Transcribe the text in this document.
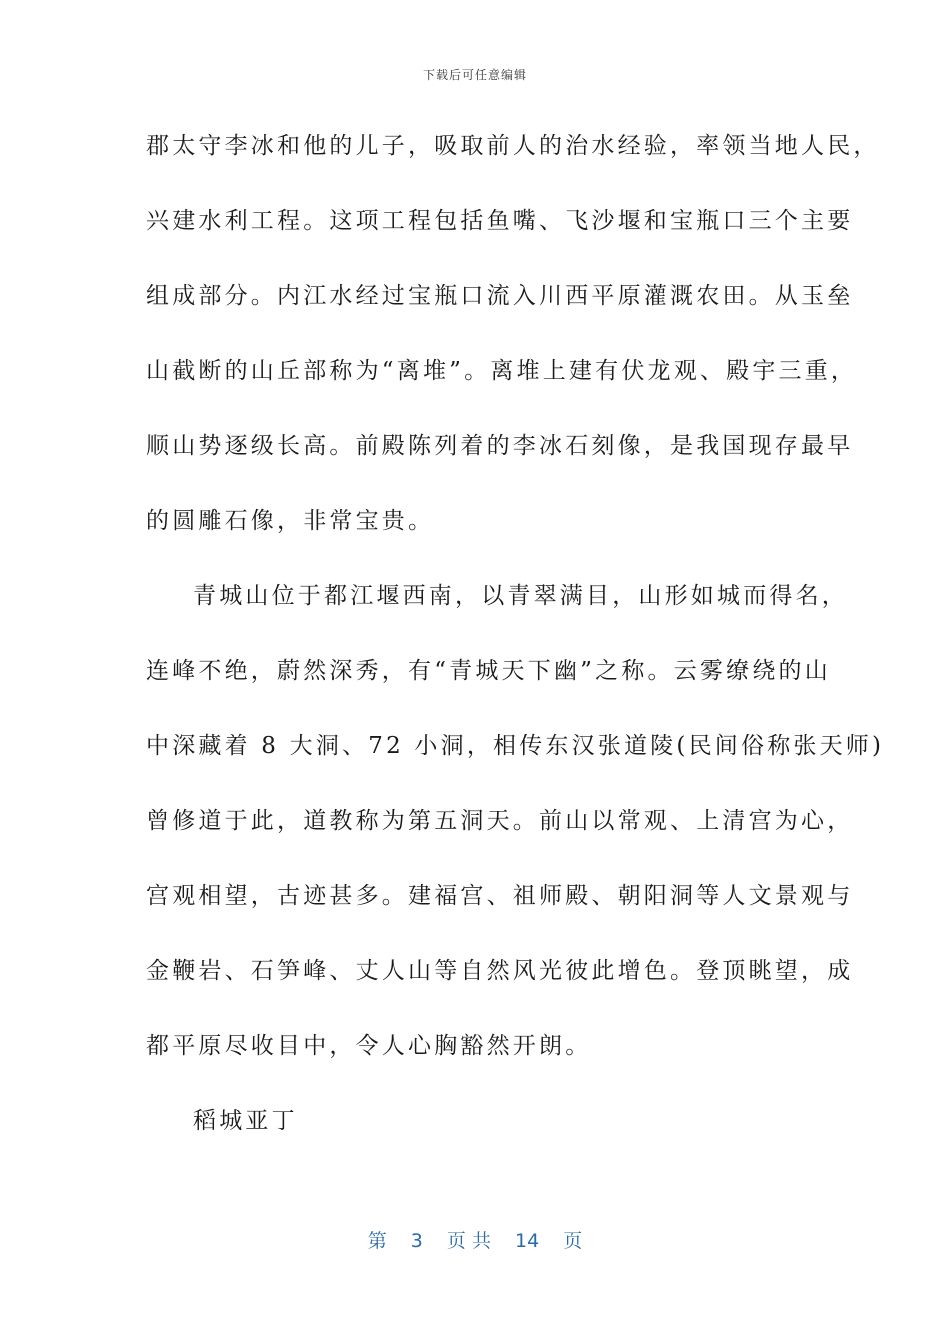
下载后可任意编辑
郡太守李冰和他的儿子，吸取前人的治水经验，率领当地人民，
兴建水利工程。这项工程包括鱼嘴、飞沙堰和宝瓶口三个主要
组成部分。内江水经过宝瓶口流入川西平原灌溉农田。从玉垒
山截断的山丘部称为“离堆”。离堆上建有伏龙观、殿宇三重，
顺山势逐级长高。前殿陈列着的李冰石刻像，是我国现存最早
的圆雕石像，非常宝贵。
青城山位于都江堰西南，以青翠满目，山形如城而得名，
连峰不绝，蔚然深秀，有“青城天下幽”之称。云雾缭绕的山
中深藏着 8 大洞、72 小洞，相传东汉张道陵(民间俗称张天师)
曾修道于此，道教称为第五洞天。前山以常观、上清宫为心，
宫观相望，古迹甚多。建福宫、祖师殿、朝阳洞等人文景观与
金鞭岩、石笋峰、丈人山等自然风光彼此增色。登顶眺望，成
都平原尽收目中，令人心胸豁然开朗。
稻城亚丁
第 3 页 共 14 页
